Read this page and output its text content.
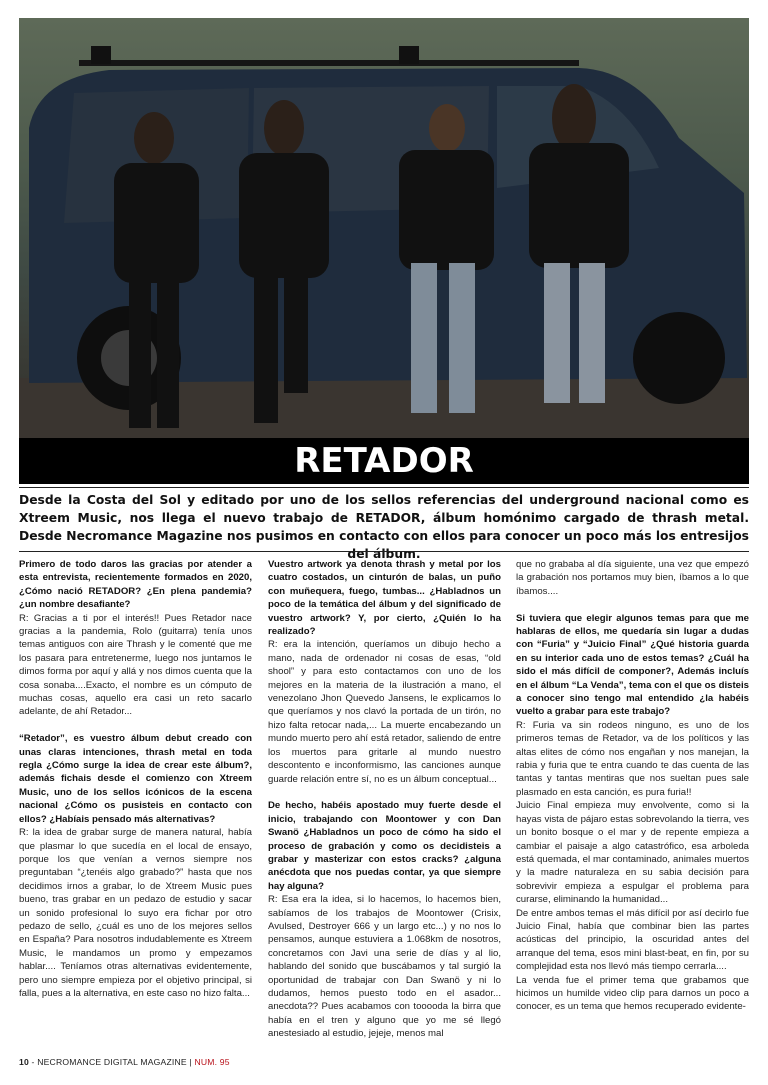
RETADOR
Desde la Costa del Sol y editado por uno de los sellos referencias del underground nacional como es Xtreem Music, nos llega el nuevo trabajo de RETADOR, álbum homónimo cargado de thrash metal. Desde Necromance Magazine nos pusimos en contacto con ellos para conocer un poco más los entresijos del álbum.

Primero de todo daros las gracias por atender a esta entrevista, recientemente formados en 2020, ¿Cómo nació RETADOR? ¿En plena pandemia? ¿un nombre desafiante?

R: Gracias a ti por el interés!! Pues Retador nace gracias a la pandemia, Rolo (guitarra) tenía unos temas antiguos con aire Thrash y le comenté que me los pasara para entretenerme, luego nos juntamos le dimos forma por aquí y allá y nos dimos cuenta que la cosa sonaba....Exacto, el nombre es un cómputo de muchas cosas, aquello era casi un reto sacarlo adelante, de ahí Retador...

“Retador”, es vuestro álbum debut creado con unas claras intenciones, thrash metal en toda regla ¿Cómo surge la idea de crear este álbum?, además fichais desde el comienzo con Xtreem Music, uno de los sellos icónicos de la escena nacional ¿Cómo os pusisteis en contacto con ellos? ¿Habíais pensado más alternativas?

R: la idea de grabar surge de manera natural, había que plasmar lo que sucedía en el local de ensayo, porque los que venían a vernos siempre nos preguntaban “¿tenéis algo grabado?” hasta que nos decidimos irnos a grabar, lo de Xtreem Music pues bueno, tras grabar en un pedazo de estudio y sacar un sonido profesional lo suyo era fichar por otro pedazo de sello, ¿cuál es uno de los mejores sellos en España? Para nosotros indudablemente es Xtreem Music, le mandamos un promo y empezamos hablar.... Teníamos otras alternativas evidentemente, pero uno siempre empieza por el objetivo principal, si falla, pues a la alternativa, en este caso no hizo falta...

Vuestro artwork ya denota thrash y metal por los cuatro costados, un cinturón de balas, un puño con muñequera, fuego, tumbas... ¿Habladnos un poco de la temática del álbum y del significado de vuestro artwork? Y, por cierto, ¿Quién lo ha realizado?

R: era la intención, queríamos un dibujo hecho a mano, nada de ordenador ni cosas de esas, “old shool” y para esto contactamos con uno de los mejores en la materia de la ilustración a mano, el venezolano Jhon Quevedo Jansens, le explicamos lo que queríamos y nos clavó la portada de un tirón, no hizo falta retocar nada,... La muerte encabezando un mundo muerto pero ahí está retador, saliendo de entre los muertos para gritarle al mundo nuestro descontento e inconformismo, las canciones aunque guarde relación entre sí, no es un álbum conceptual...

De hecho, habéis apostado muy fuerte desde el inicio, trabajando con Moontower y con Dan Swanö ¿Habladnos un poco de cómo ha sido el proceso de grabación y como os decidisteis a grabar y masterizar con estos cracks? ¿alguna anécdota que nos puedas contar, ya que siempre hay alguna?

R: Esa era la idea, si lo hacemos, lo hacemos bien, sabíamos de los trabajos de Moontower (Crisix, Avulsed, Destroyer 666 y un largo etc...) y no nos lo pensamos, aunque estuviera a 1.068km de nosotros, concretamos con Javi una serie de días y al lio, hablando del sonido que buscábamos y tal surgió la oportunidad de trabajar con Dan Swanö y ni lo dudamos, hemos puesto todo en el asador... anecdota?? Pues acabamos con tooooda la birra que había en el tren y alguno que yo me sé llegó anestesiado al estudio, jejeje, menos mal

que no grababa al día siguiente, una vez que empezó la grabación nos portamos muy bien, íbamos a lo que íbamos....

Si tuviera que elegir algunos temas para que me hablaras de ellos, me quedaría sin lugar a dudas con “Furia” y “Juicio Final” ¿Qué historia guarda en su interior cada uno de estos temas? ¿Cuál ha sido el más difícil de componer?, Además incluís en el álbum “La Venda”, tema con el que os disteis a conocer sino tengo mal entendido ¿la habéis vuelto a grabar para este trabajo?

R: Furia va sin rodeos ninguno, es uno de los primeros temas de Retador, va de los políticos y las altas elites de cómo nos engañan y nos manejan, la rabia y furia que te entra cuando te das cuenta de las tantas y tantas mentiras que nos sueltan pues sale plasmado en esta canción, es pura furia!!

Juicio Final empieza muy envolvente, como si la hayas vista de pájaro estas sobrevolando la tierra, ves un bonito bosque o el mar y de repente empieza a cambiar el paisaje a algo catastrófico, esa arboleda está quemada, el mar contaminado, animales muertos y la madre naturaleza en su sabia decisión para sobrevivir empieza a espulgar el problema para curarse, eliminando la humanidad...

De entre ambos temas el más difícil por así decirlo fue Juicio Final, había que combinar bien las partes acústicas del principio, la oscuridad antes del arranque del tema, esos mini blast-beat, en fin, por su complejidad esta nos llevó más tiempo cerrarla....

La venda fue el primer tema que grabamos que hicimos un humilde video clip para darnos un poco a conocer, es un tema que hemos recuperado evidente-

10 - NECROMANCE DIGITAL MAGAZINE | NUM. 95
